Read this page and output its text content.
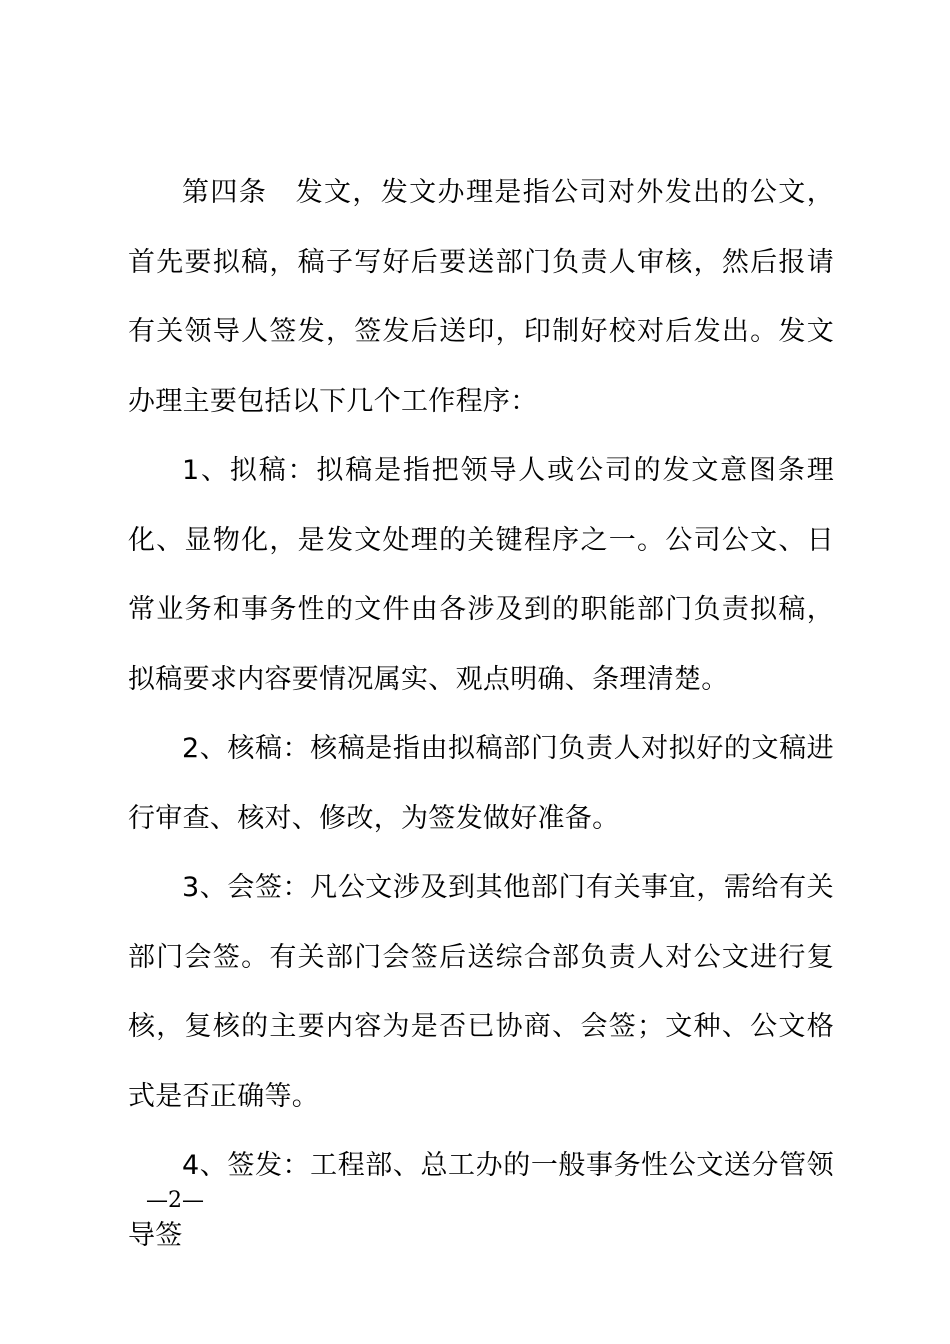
第四条　发文，发文办理是指公司对外发出的公文，首先要拟稿，稿子写好后要送部门负责人审核，然后报请有关领导人签发，签发后送印，印制好校对后发出。发文办理主要包括以下几个工作程序：

1、拟稿：拟稿是指把领导人或公司的发文意图条理化、显物化，是发文处理的关键程序之一。公司公文、日常业务和事务性的文件由各涉及到的职能部门负责拟稿，拟稿要求内容要情况属实、观点明确、条理清楚。

2、核稿：核稿是指由拟稿部门负责人对拟好的文稿进行审查、核对、修改，为签发做好准备。

3、会签：凡公文涉及到其他部门有关事宜，需给有关部门会签。有关部门会签后送综合部负责人对公文进行复核，复核的主要内容为是否已协商、会签；文种、公文格式是否正确等。

4、签发：工程部、总工办的一般事务性公文送分管领导签

—2—
